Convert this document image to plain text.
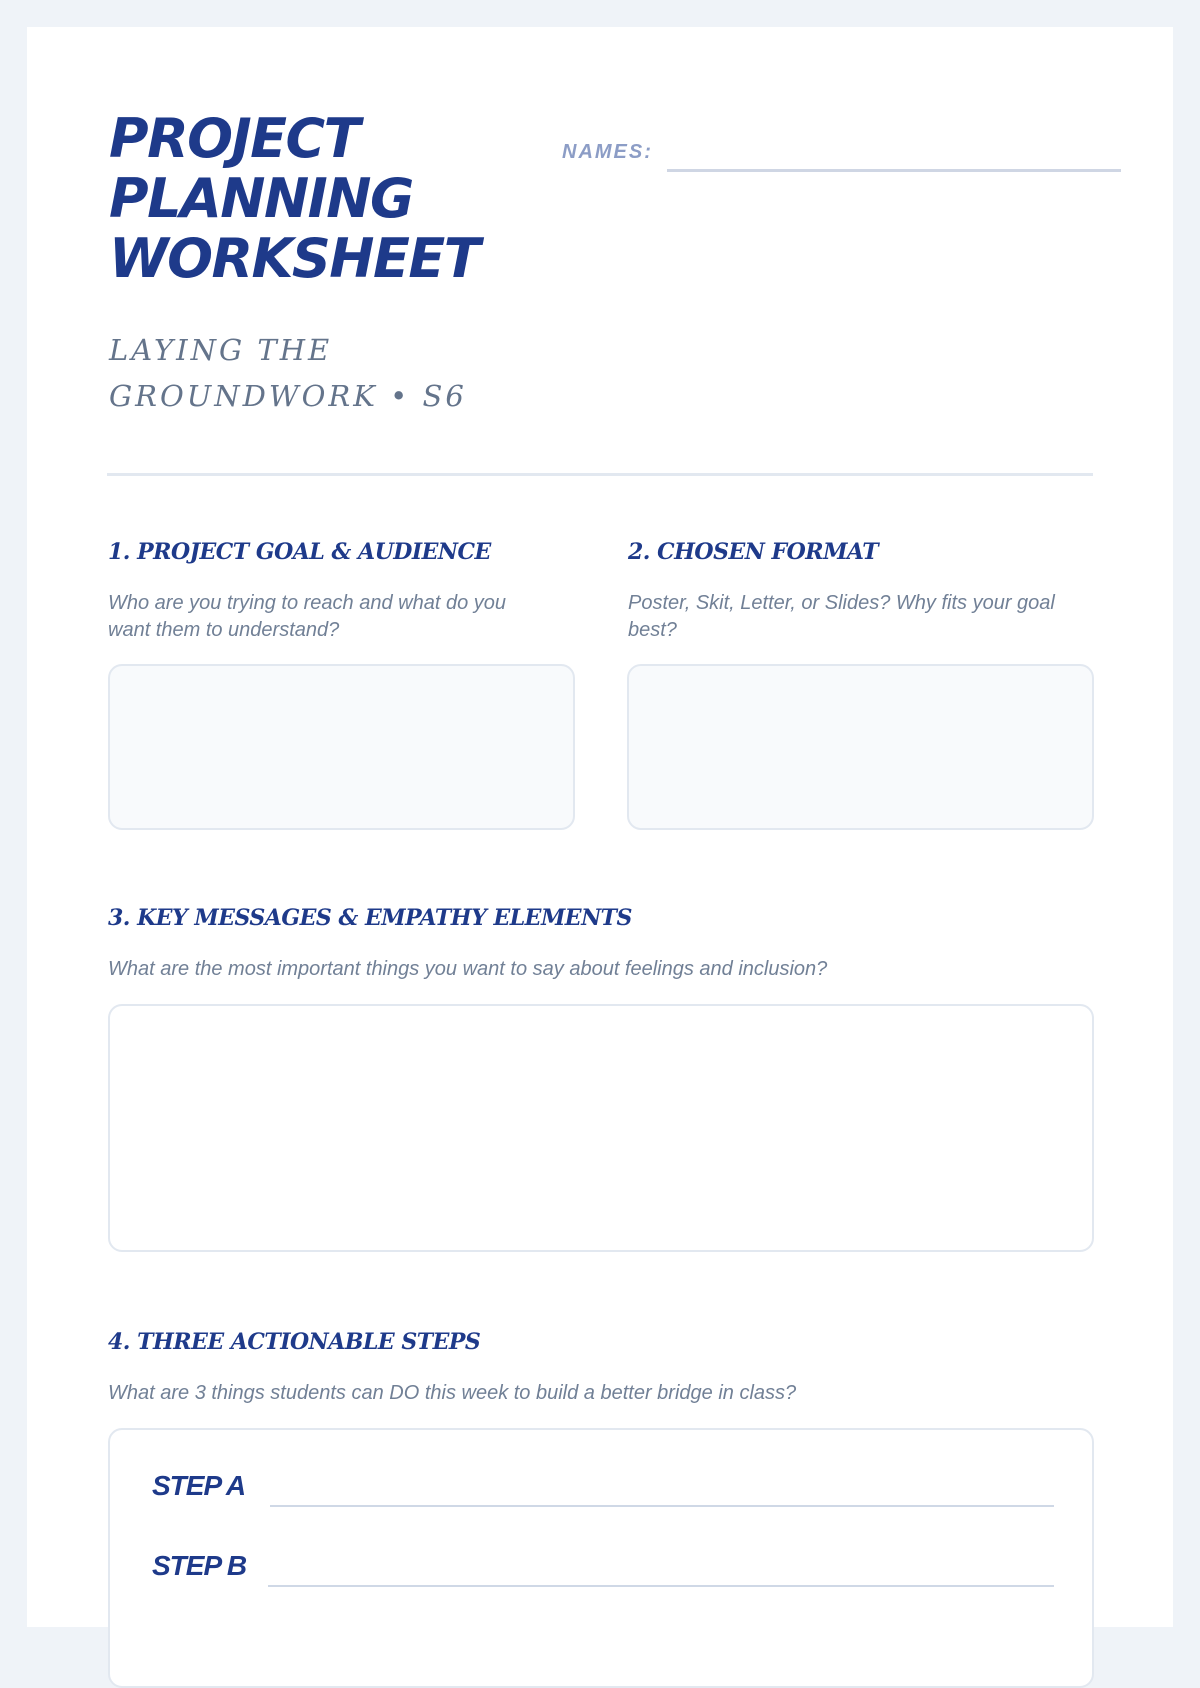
PROJECT
PLANNING
WORKSHEET
LAYING THE
GROUNDWORK • S6
NAMES:
1. PROJECT GOAL & AUDIENCE

Who are you trying to reach and what do you want them to understand?

2. CHOSEN FORMAT

Poster, Skit, Letter, or Slides? Why fits your goal best?

3. KEY MESSAGES & EMPATHY ELEMENTS

What are the most important things you want to say about feelings and inclusion?

4. THREE ACTIONABLE STEPS

What are 3 things students can DO this week to build a better bridge in class?

STEP A
STEP B
